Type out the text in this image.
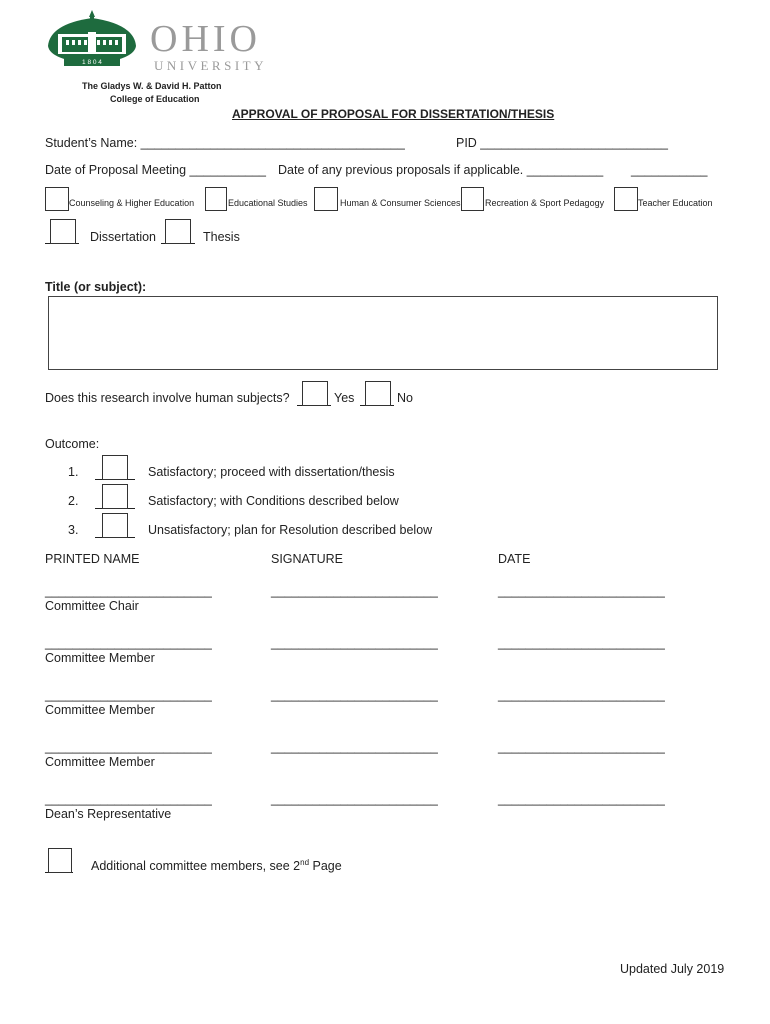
1 8 0 4
OHIO
UNIVERSITY
The Gladys W. & David H. Patton
College of Education
APPROVAL OF PROPOSAL FOR DISSERTATION/THESIS
Student’s Name: ______________________________________	PID ___________________________
Date of Proposal Meeting ___________ Date of any previous proposals if applicable. ___________ ___________
Counseling & Higher Education	Educational Studies	Human & Consumer Sciences	Recreation & Sport Pedagogy	Teacher Education
Dissertation	Thesis
Title (or subject):
Does this research involve human subjects?	Yes	No
Outcome:
1.	Satisfactory; proceed with dissertation/thesis
2.	Satisfactory; with Conditions described below
3.	Unsatisfactory; plan for Resolution described below
PRINTED NAME	SIGNATURE	DATE
________________________	________________________	________________________
Committee Chair
________________________	________________________	________________________
Committee Member
________________________	________________________	________________________
Committee Member
________________________	________________________	________________________
Committee Member
________________________	________________________	________________________
Dean’s Representative
Additional committee members, see 2nd Page
Updated July 2019
